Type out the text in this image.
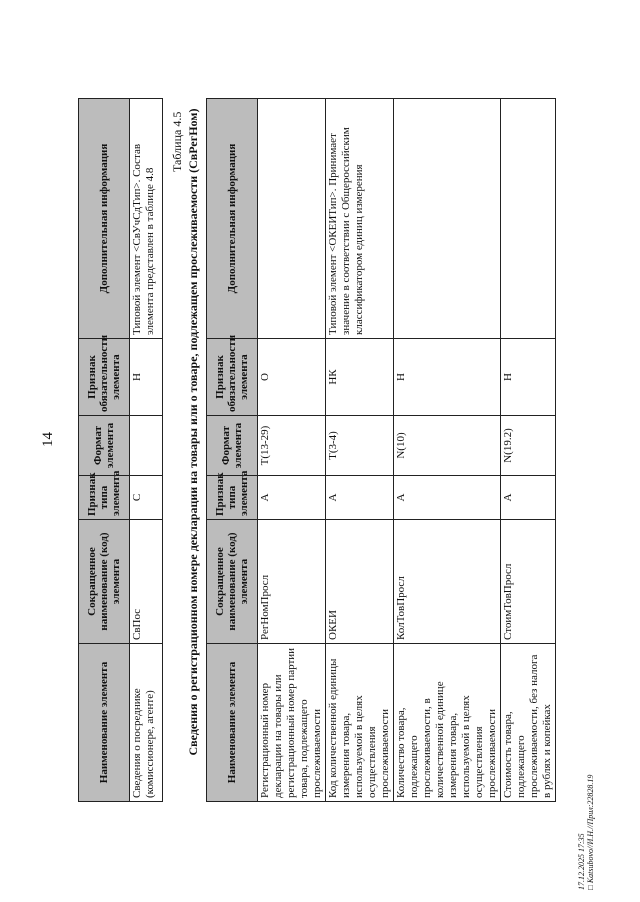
14
Наименование элемента	Сокращенное наименование (код) элемента	Признак типа элемента	Формат элемента	Признак обязательности элемента	Дополнительная информация
Сведения о посреднике (комиссионере, агенте)	СвПос	С		Н	Типовой элемент <СвУчСдТип>. Состав элемента представлен в таблице 4.8
Таблица 4.5 Сведения о регистрационном номере декларации на товары или о товаре, подлежащем прослеживаемости (СвРегНом) Наименование элемента	Сокращенное наименование (код) элемента	Признак типа элемента	Формат элемента	Признак обязательности элемента	Дополнительная информация
Регистрационный номер декларации на товары или регистрационный номер партии товара, подлежащего прослеживаемости	РегНомПросл	А	T(13-29)	О	
Код количественной единицы измерения товара, используемой в целях осуществления прослеживаемости	ОКЕИ	А	T(3-4)	НК	Типовой элемент <ОКЕИТип>. Принимает значение в соответствии с Общероссийским классификатором единиц измерения
Количество товара, подлежащего прослеживаемости, в количественной единице измерения товара, используемой в целях осуществления прослеживаемости	КолТовПросл	А	N(10)	Н	
Стоимость товара, подлежащего прослеживаемости, без налога в рублях и копейках	СтоимТовПросл	А	N(19.2)	Н	
17.12.2025 17:35 □ Katsubovo//И.Н.//Прил:22828.19
